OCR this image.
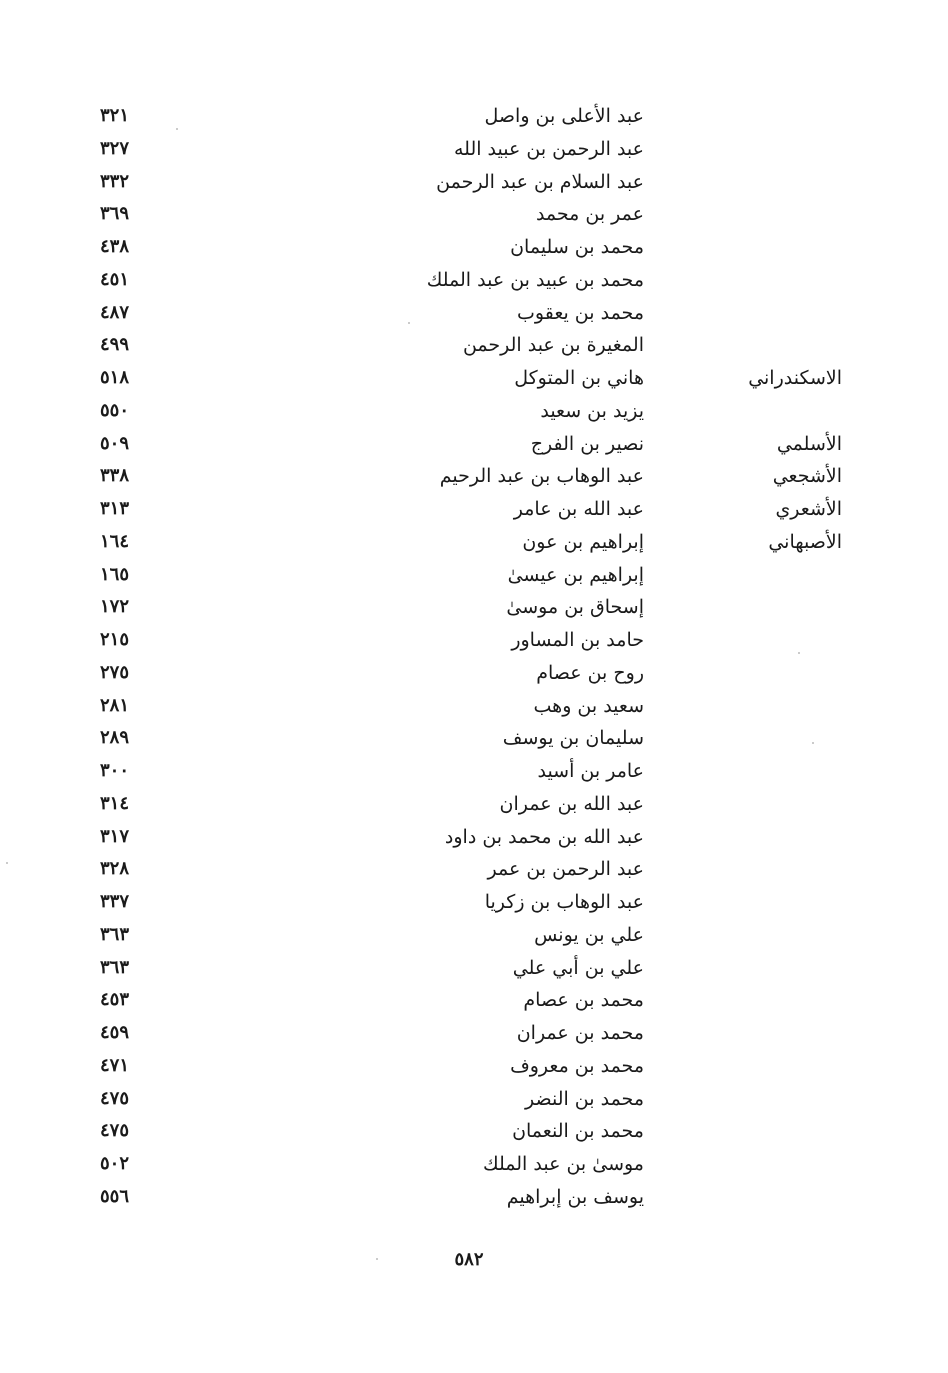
عبد الأعلى بن واصل
٣٢١
عبد الرحمن بن عبيد الله
٣٢٧
عبد السلام بن عبد الرحمن
٣٣٢
عمر بن محمد
٣٦٩
محمد بن سليمان
٤٣٨
محمد بن عبيد بن عبد الملك
٤٥١
محمد بن يعقوب
٤٨٧
المغيرة بن عبد الرحمن
٤٩٩
الاسكندراني
هاني بن المتوكل
٥١٨
يزيد بن سعيد
٥٥٠
الأسلمي
نصير بن الفرج
٥٠٩
الأشجعي
عبد الوهاب بن عبد الرحيم
٣٣٨
الأشعري
عبد الله بن عامر
٣١٣
الأصبهاني
إبراهيم بن عون
١٦٤
إبراهيم بن عيسىٰ
١٦٥
إسحاق بن موسىٰ
١٧٢
حامد بن المساور
٢١٥
روح بن عصام
٢٧٥
سعيد بن وهب
٢٨١
سليمان بن يوسف
٢٨٩
عامر بن أسيد
٣٠٠
عبد الله بن عمران
٣١٤
عبد الله بن محمد بن داود
٣١٧
عبد الرحمن بن عمر
٣٢٨
عبد الوهاب بن زكريا
٣٣٧
علي بن يونس
٣٦٣
علي بن أبي علي
٣٦٣
محمد بن عصام
٤٥٣
محمد بن عمران
٤٥٩
محمد بن معروف
٤٧١
محمد بن النضر
٤٧٥
محمد بن النعمان
٤٧٥
موسىٰ بن عبد الملك
٥٠٢
يوسف بن إبراهيم
٥٥٦
٥٨٢
